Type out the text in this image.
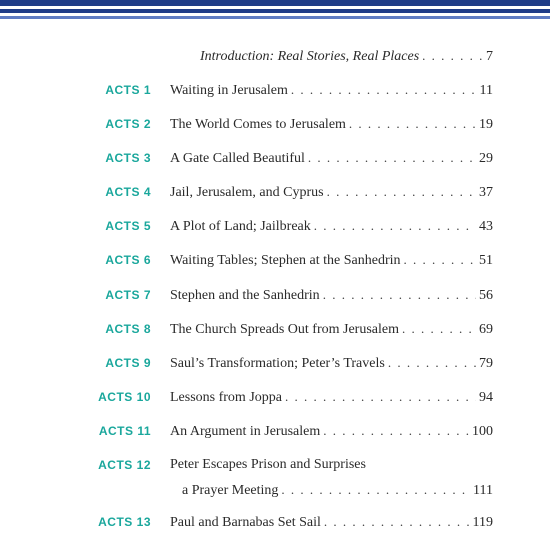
Introduction: Real Stories, Real Places . . .	7
ACTS 1 Waiting in Jerusalem . . .	11
ACTS 2 The World Comes to Jerusalem . . .	19
ACTS 3 A Gate Called Beautiful . . .	29
ACTS 4 Jail, Jerusalem, and Cyprus . . .	37
ACTS 5 A Plot of Land; Jailbreak . . .	43
ACTS 6 Waiting Tables; Stephen at the Sanhedrin . . .	51
ACTS 7 Stephen and the Sanhedrin . . .	56
ACTS 8 The Church Spreads Out from Jerusalem . . .	69
ACTS 9 Saul’s Transformation; Peter’s Travels . . .	79
ACTS 10 Lessons from Joppa . . .	94
ACTS 11 An Argument in Jerusalem . . .	100
ACTS 12 Peter Escapes Prison and Surprises
a Prayer Meeting . . .	111
ACTS 13 Paul and Barnabas Set Sail . . .	119
